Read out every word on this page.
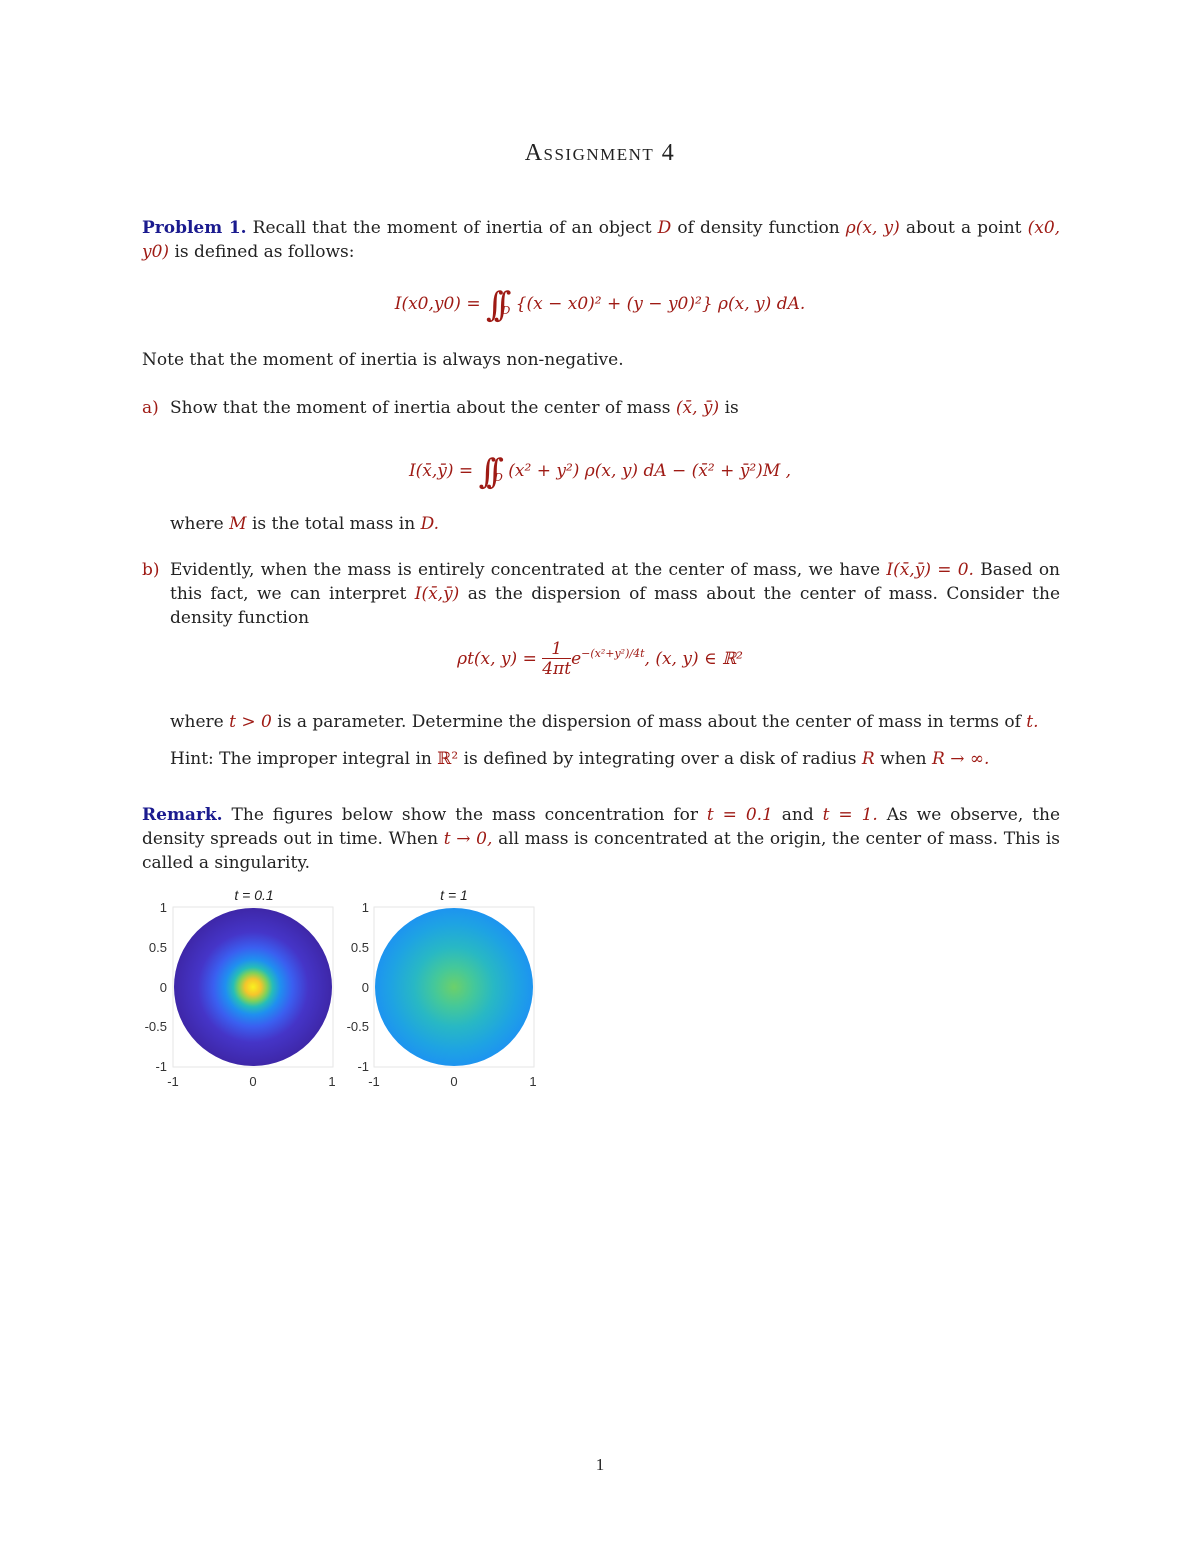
Assignment 4
Problem 1. Recall that the moment of inertia of an object D of density function ρ(x, y) about a point (x0, y0) is defined as follows:
$I(x0,y0) = \int\int_D$ {(x − x0)² + (y − y0)²} ρ(x, y) dA.
Note that the moment of inertia is always non-negative.
a) Show that the moment of inertia about the center of mass (x̄, ȳ) is
I(x̄,ȳ) = $\int\int_D$ (x² + y²) ρ(x, y) dA − (x̄² + ȳ²)M ,
where M is the total mass in D.
b) Evidently, when the mass is entirely concentrated at the center of mass, we have I(x̄,ȳ) = 0. Based on this fact, we can interpret I(x̄,ȳ) as the dispersion of mass about the center of mass. Consider the density function
ρt(x, $y) = \frac{1}{4\pi t} e^{-(x^2+y^2)/4t}$, (x, y) ∈ ℝ²
where t > 0 is a parameter. Determine the dispersion of mass about the center of mass in terms of t.
Hint: The improper integral in ℝ² is defined by integrating over a disk of radius R when R → ∞.
Remark. The figures below show the mass concentration for t = 0.1 and t = 1. As we observe, the density spreads out in time. When t → 0, all mass is concentrated at the origin, the center of mass. This is called a singularity.
t = 0.1
1
0.5
0
-0.5
-1
-1	0	1
t = 1
1
0.5
0
-0.5
-1
-1	0	1
1
